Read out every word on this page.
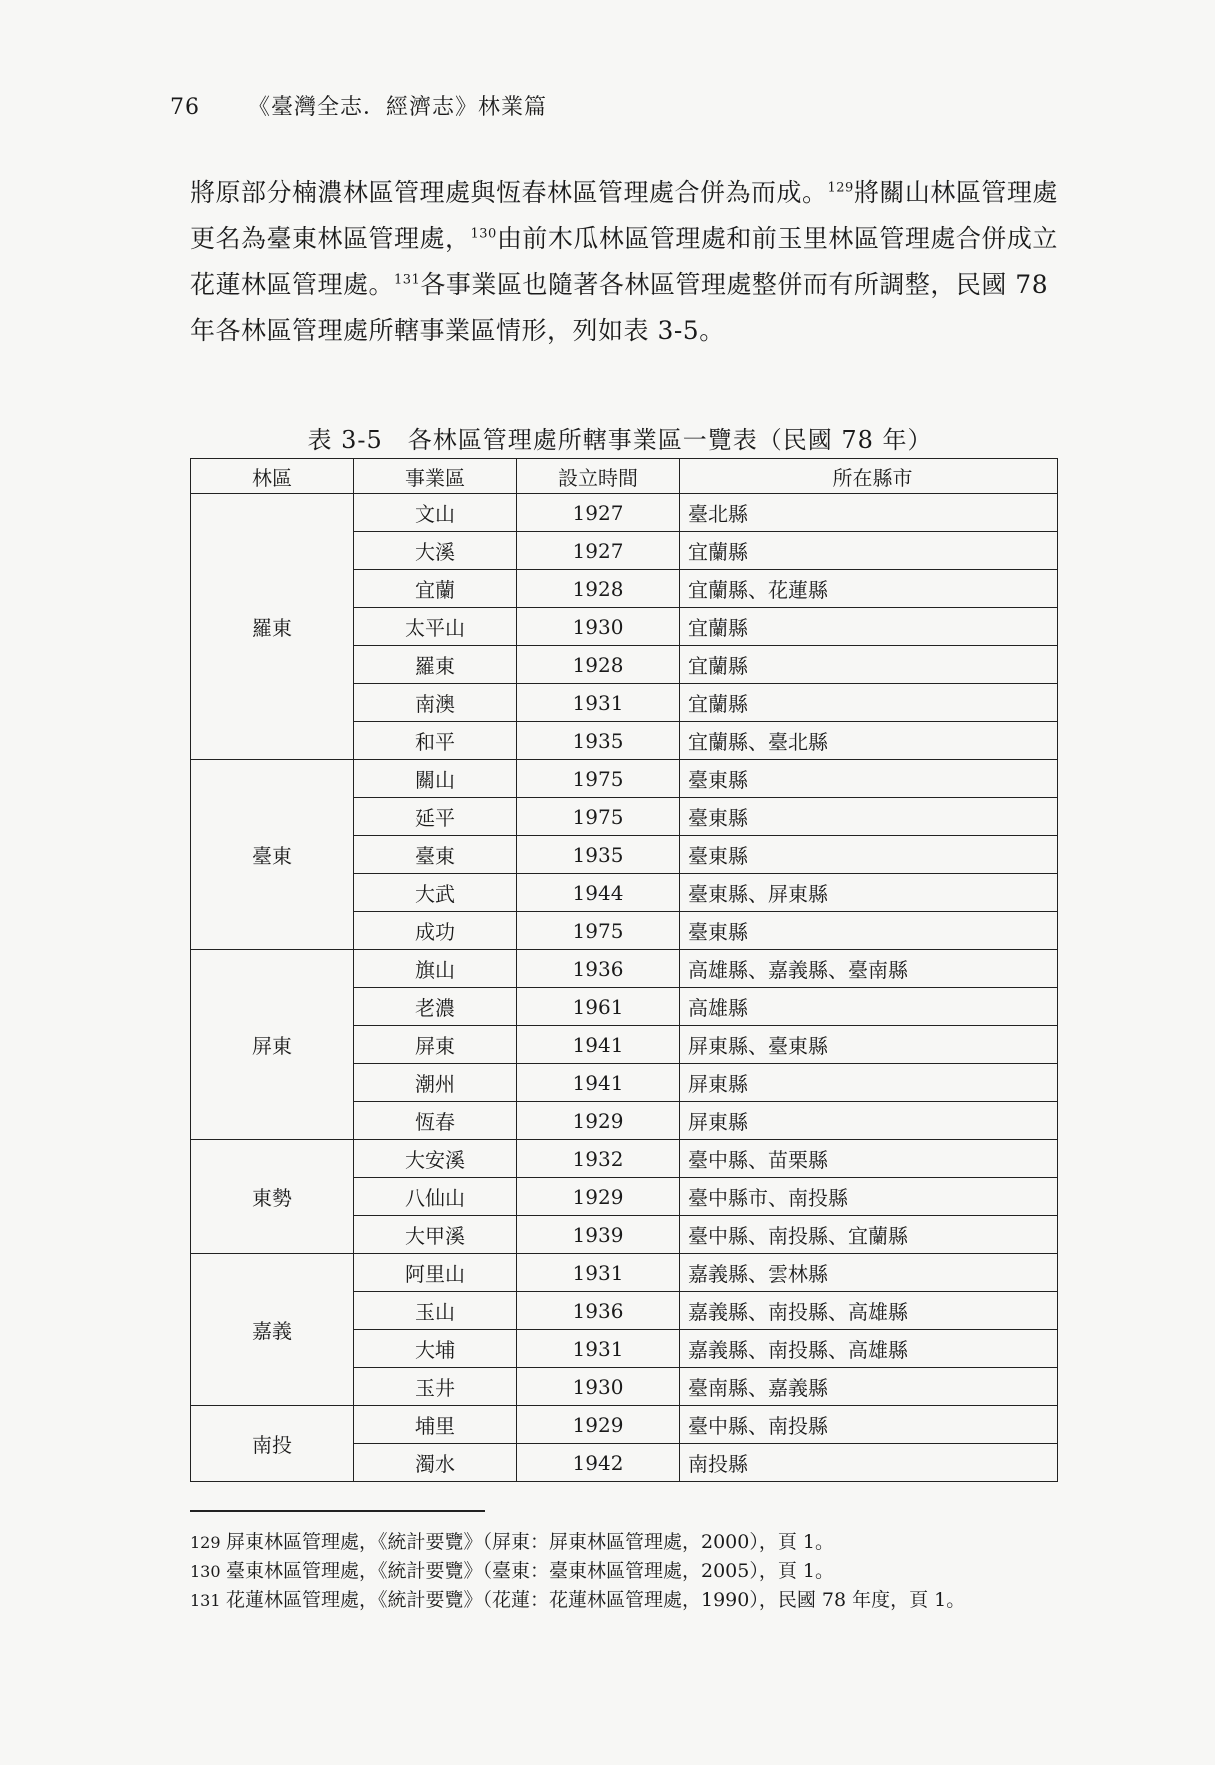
76 《臺灣全志．經濟志》林業篇
將原部分楠濃林區管理處與恆春林區管理處合併為而成。$^{129}$將關山林區管理處更名為臺東林區管理處，$^{130}$由前木瓜林區管理處和前玉里林區管理處合併成立花蓮林區管理處。$^{131}$各事業區也隨著各林區管理處整併而有所調整，民國 78 年各林區管理處所轄事業區情形，列如表 3-5。
表 3-5　各林區管理處所轄事業區一覽表（民國 78 年）
林區	事業區	設立時間	所在縣市
羅東	文山	1927	臺北縣
	大溪	1927	宜蘭縣
	宜蘭	1928	宜蘭縣、花蓮縣
	太平山	1930	宜蘭縣
	羅東	1928	宜蘭縣
	南澳	1931	宜蘭縣
	和平	1935	宜蘭縣、臺北縣
臺東	關山	1975	臺東縣
	延平	1975	臺東縣
	臺東	1935	臺東縣
	大武	1944	臺東縣、屏東縣
	成功	1975	臺東縣
屏東	旗山	1936	高雄縣、嘉義縣、臺南縣
	老濃	1961	高雄縣
	屏東	1941	屏東縣、臺東縣
	潮州	1941	屏東縣
	恆春	1929	屏東縣
東勢	大安溪	1932	臺中縣、苗栗縣
	八仙山	1929	臺中縣市、南投縣
	大甲溪	1939	臺中縣、南投縣、宜蘭縣
嘉義	阿里山	1931	嘉義縣、雲林縣
	玉山	1936	嘉義縣、南投縣、高雄縣
	大埔	1931	嘉義縣、南投縣、高雄縣
	玉井	1930	臺南縣、嘉義縣
南投	埔里	1929	臺中縣、南投縣
	濁水	1942	南投縣
129 屏東林區管理處，《統計要覽》（屏東：屏東林區管理處，2000），頁 1。
130 臺東林區管理處，《統計要覽》（臺東：臺東林區管理處，2005），頁 1。
131 花蓮林區管理處，《統計要覽》（花蓮：花蓮林區管理處，1990），民國 78 年度，頁 1。
